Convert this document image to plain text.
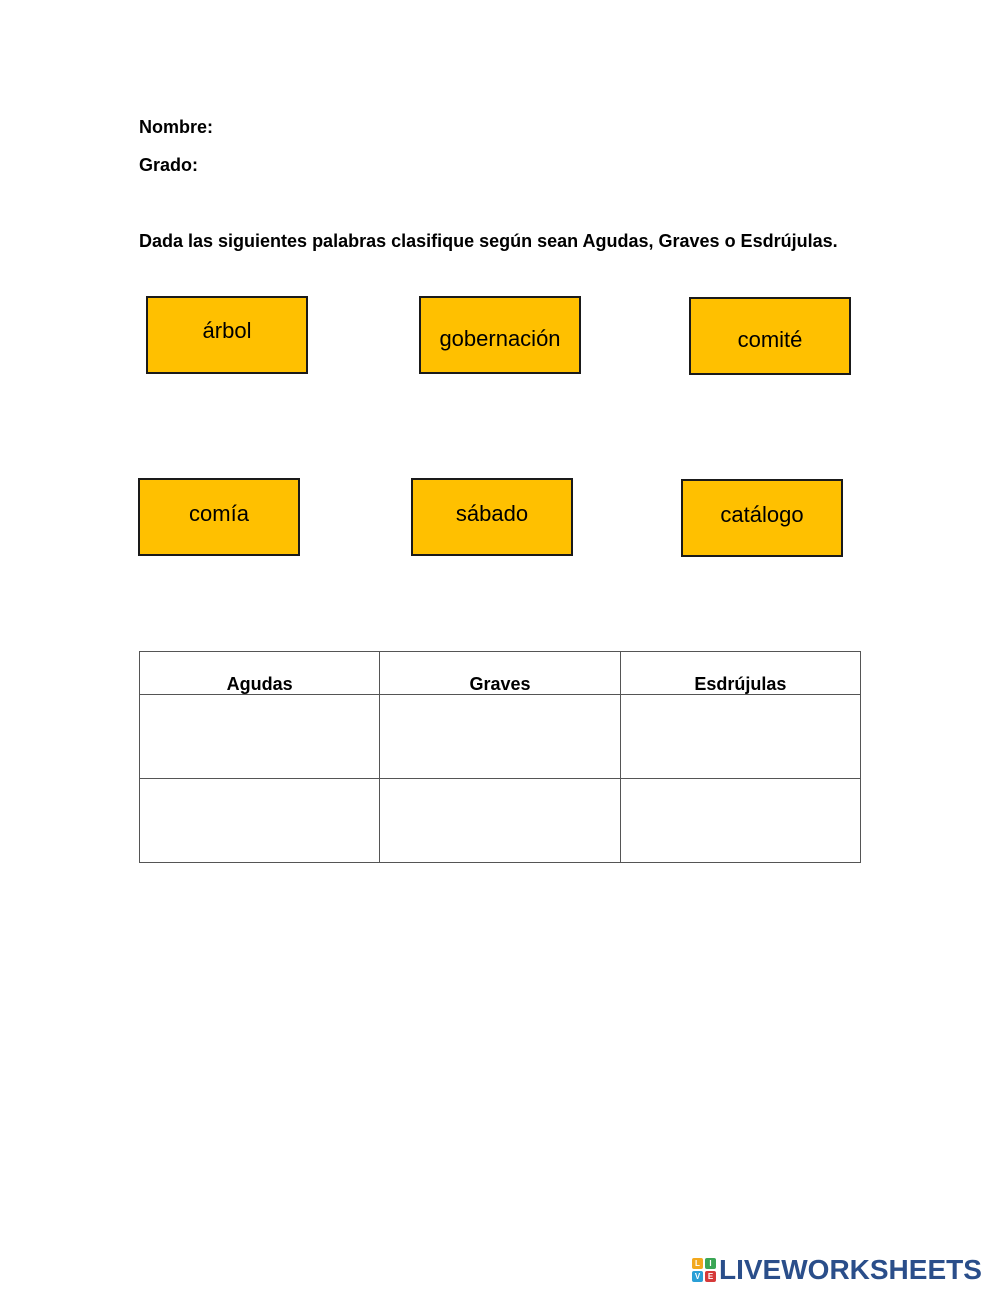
Nombre:
Grado:
Dada las siguientes palabras clasifique según sean Agudas, Graves o Esdrújulas.
árbol	gobernación	comité
comía	sábado	catálogo
Agudas	Graves	Esdrújulas

L	I
V E LIVEWORKSHEETS
